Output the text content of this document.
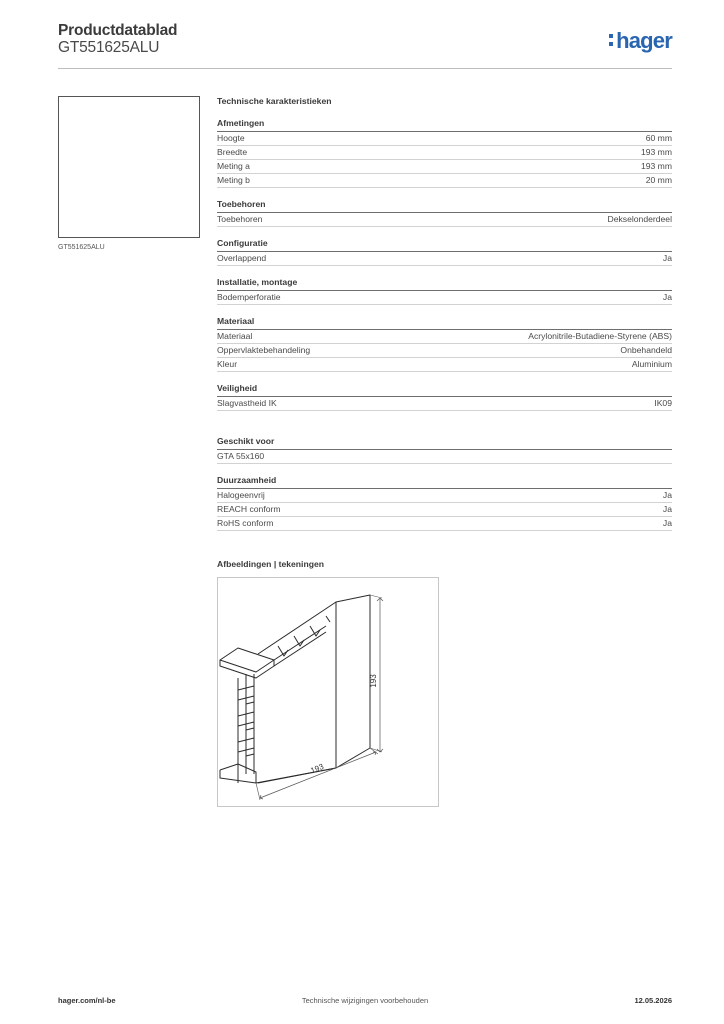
Productdatablad
GT551625ALU	hager
GT551625ALU
Technische karakteristieken
Afmetingen
Hoogte	60 mm
Breedte	193 mm
Meting a	193 mm
Meting b	20 mm
Toebehoren
Toebehoren	Dekselonderdeel
Configuratie
Overlappend	Ja
Installatie, montage
Bodemperforatie	Ja
Materiaal
Materiaal	Acrylonitrile-Butadiene-Styrene (ABS)
Oppervlaktebehandeling	Onbehandeld
Kleur	Aluminium
Veiligheid
Slagvastheid IK	IK09
Geschikt voor
GTA 55x160
Duurzaamheid
Halogeenvrij	Ja
REACH conform	Ja
RoHS conform	Ja
Afbeeldingen | tekeningen
193
193
hager.com/nl-be	Technische wijzigingen voorbehouden	12.05.2026
